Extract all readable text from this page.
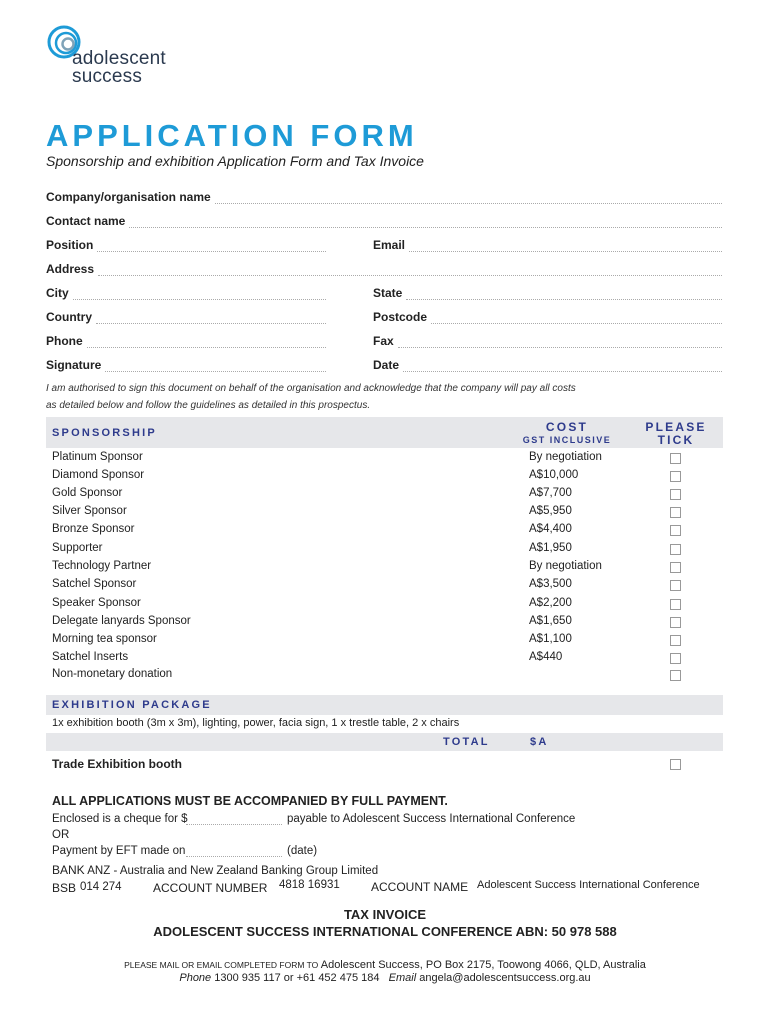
adolescent
success
APPLICATION FORM
Sponsorship and exhibition Application Form and Tax Invoice
Company/organisation name
Contact name
Position	Email
Address
City	State
Country	Postcode
Phone	Fax
Signature	Date
I am authorised to sign this document on behalf of the organisation and acknowledge that the company will pay all costs
as detailed below and follow the guidelines as detailed in this prospectus.
SPONSORSHIP	COST
GST INCLUSIVE
PLEASE
TICK
Platinum Sponsor	By negotiation
Diamond Sponsor	A$10,000
Gold Sponsor	A$7,700
Silver Sponsor	A$5,950
Bronze Sponsor	A$4,400
Supporter	A$1,950
Technology Partner	By negotiation
Satchel Sponsor	A$3,500
Speaker Sponsor	A$2,200
Delegate lanyards Sponsor	A$1,650
Morning tea sponsor	A$1,100
Satchel Inserts	A$440
Non-monetary donation
EXHIBITION PACKAGE
1x exhibition booth (3m x 3m), lighting, power, facia sign, 1 x trestle table, 2 x chairs
TOTAL	$A
Trade Exhibition booth
ALL APPLICATIONS MUST BE ACCOMPANIED BY FULL PAYMENT.
Enclosed is a cheque for $	payable to Adolescent Success International Conference
OR
Payment by EFT made on	(date)
BANK ANZ - Australia and New Zealand Banking Group Limited
BSB 014 274	ACCOUNT NUMBER 4818 16931	ACCOUNT NAME Adolescent Success International Conference
TAX INVOICE
ADOLESCENT SUCCESS INTERNATIONAL CONFERENCE ABN: 50 978 588
PLEASE MAIL OR EMAIL COMPLETED FORM TO Adolescent Success, PO Box 2175, Toowong 4066, QLD, Australia
Phone 1300 935 117 or +61 452 475 184 Email angela@adolescentsuccess.org.au
